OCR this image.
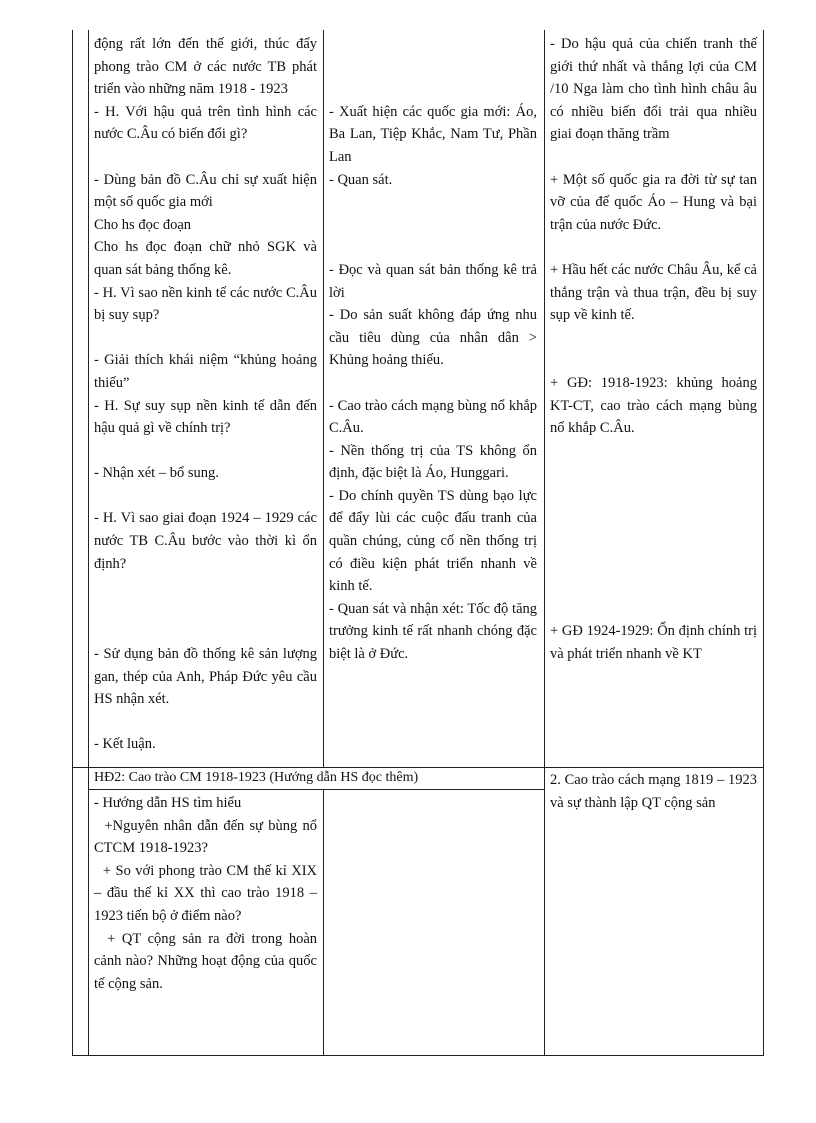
động rất lớn đến thế giới, thúc đẩy phong trào CM ở các nước TB phát triển vào những năm 1918 - 1923

- H. Với hậu quả trên tình hình các nước C.Âu có biến đổi gì?

- Dùng bản đồ C.Âu chỉ sự xuất hiện một số quốc gia mới

Cho hs đọc đoạn

Cho hs đọc đoạn chữ nhỏ SGK và quan sát bảng thống kê.

- H. Vì sao nền kinh tế các nước C.Âu bị suy sụp?

- Giải thích khái niệm “khủng hoảng thiếu”

- H. Sự suy sụp nền kinh tế dẫn đến hậu quả gì về chính trị?

- Nhận xét – bổ sung.

- H. Vì sao giai đoạn 1924 – 1929 các nước TB C.Âu bước vào thời kì ổn định?

- Sử dụng bản đồ thống kê sản lượng gan, thép của Anh, Pháp Đức yêu cầu HS nhận xét.

- Kết luận.

- Xuất hiện các quốc gia mới: Áo, Ba Lan, Tiệp Khắc, Nam Tư, Phần Lan

- Quan sát.

- Đọc và quan sát bản thống kê trả lời

- Do sản suất không đáp ứng nhu cầu tiêu dùng của nhân dân > Khủng hoảng thiếu.

- Cao trào cách mạng bùng nổ khắp C.Âu.

- Nền thống trị của TS không ổn định, đặc biệt là Áo, Hunggari.

- Do chính quyền TS dùng bạo lực để đẩy lùi các cuộc đấu tranh của quần chúng, củng cố nền thống trị có điều kiện phát triển nhanh về kinh tế.

- Quan sát và nhận xét: Tốc độ tăng trưởng kinh tế rất nhanh chóng đặc biệt là ở Đức.

- Do hậu quả của chiến tranh thế giới thứ nhất và thắng lợi của CM /10 Nga làm cho tình hình châu âu có nhiều biến đổi trải qua nhiều giai đoạn thăng trầm

+ Một số quốc gia ra đời từ sự tan vỡ của đế quốc Áo – Hung và bại trận của nước Đức.

+ Hầu hết các nước Châu Âu, kể cả thắng trận và thua trận, đều bị suy sụp về kinh tế.

+ GĐ: 1918-1923: khủng hoảng KT-CT, cao trào cách mạng bùng nổ khắp C.Âu.

+ GĐ 1924-1929: Ổn định chính trị và phát triển nhanh về KT

HĐ2: Cao trào CM 1918-1923 (Hướng dẫn HS đọc thêm)

- Hướng dẫn HS tìm hiểu

+Nguyên nhân dẫn đến sự bùng nổ CTCM 1918-1923?

+ So với phong trào CM thế kỉ XIX – đầu thế kỉ XX thì cao trào 1918 – 1923 tiến bộ ở điểm nào?

+ QT cộng sản ra đời trong hoàn cảnh nào? Những hoạt động của quốc tế cộng sản.

2. Cao trào cách mạng 1819 – 1923 và sự thành lập QT cộng sản
